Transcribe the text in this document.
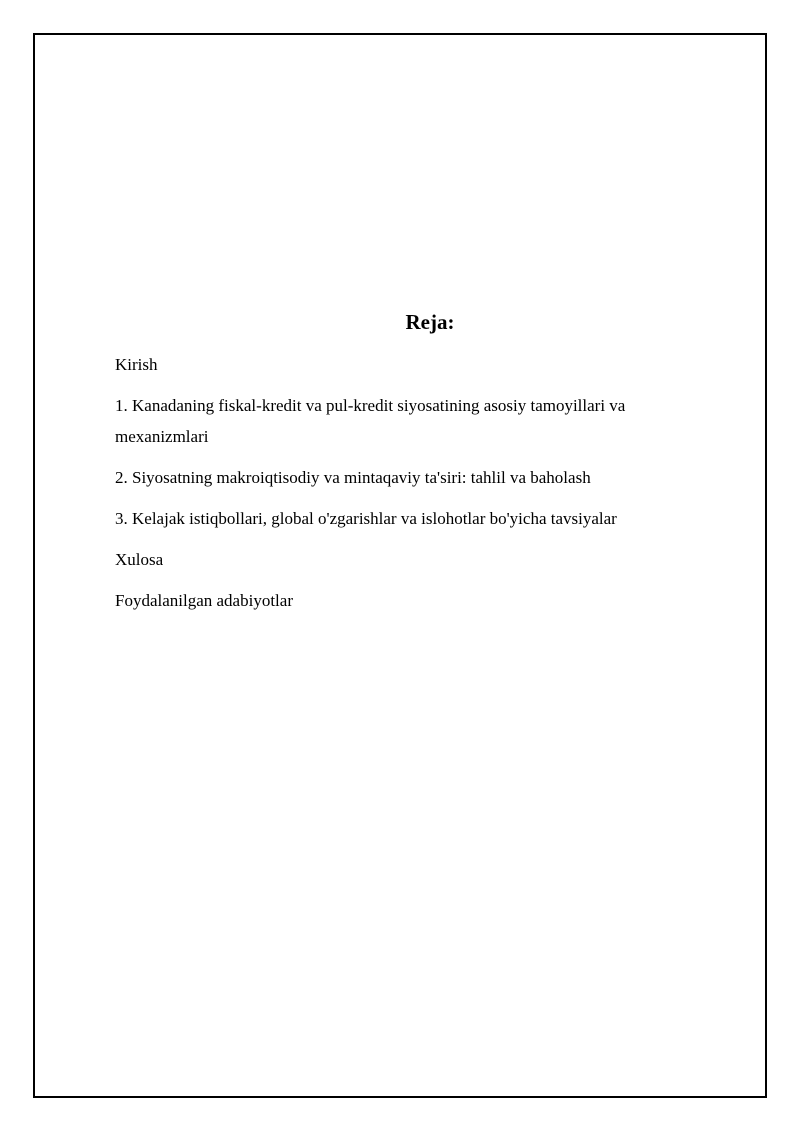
Reja:

Kirish

1. Kanadaning fiskal-kredit va pul-kredit siyosatining asosiy tamoyillari va mexanizmlari

2. Siyosatning makroiqtisodiy va mintaqaviy ta'siri: tahlil va baholash

3. Kelajak istiqbollari, global o'zgarishlar va islohotlar bo'yicha tavsiyalar

Xulosa

Foydalanilgan adabiyotlar
